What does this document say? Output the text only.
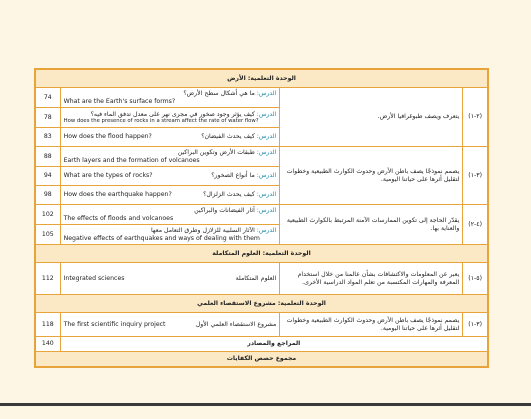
الوحدة التعلمية: الأرض			
74	الدرس: ما هي أشكال سطح الأرض؟
What are the Earth's surface forms?	يتعرف ويصف طبوغرافيا الأرض.	(٢-١)
78	الدرس: كيف يؤثر وجود صخور في مجرى نهر على معدل تدفق الماء فيه؟
How does the presence of rocks in a stream affect the rate of water flow?		

83	How does the flood happen? الدرس: كيف يحدث الفيضان؟		

88	الدرس: طبقات الأرض وتكوين البراكين
Earth layers and the formation of volcanoes	يصمم نموذجًا يصف باطن الأرض وحدوث الكوارث الطبيعية وخطوات لتقليل أثرها على حياتنا اليومية.	(٣-١)
94	What are the types of rocks? الدرس: ما أنواع الصخور؟		

98	How does the earthquake happen? الدرس: كيف يحدث الزلزال؟		

102	الدرس: آثار الفيضانات والبراكين
The effects of floods and volcanoes	يقدّر الحاجة إلى تكوين الممارسات الآمنة المرتبط بالكوارث الطبيعية والعناية بها.	(٤-٢)
105	الدرس: الآثار السلبية للزلازل وطرق التعامل معها
Negative effects of earthquakes and ways of dealing with them		

الوحدة التعلمية: العلوم المتكاملة			
112	Integrated sciences العلوم المتكاملة	يعبر عن المعلومات والاكتشافات بشأن عالمنا من خلال استخدام المعرفة والمهارات المكتسبة من تعلم المواد الدراسية الأخرى.	(٥-١)
الوحدة التعلمية: مشروع الاستقصاء العلمي			
118	The first scientific inquiry project مشروع الاستقصاء العلمي الأول	يصمم نموذجًا يصف باطن الأرض وحدوث الكوارث الطبيعية وخطوات لتقليل أثرها على حياتنا اليومية.	(٣-١)
140	المراجع والمصادر		
مجموع حصص الكفايات			
